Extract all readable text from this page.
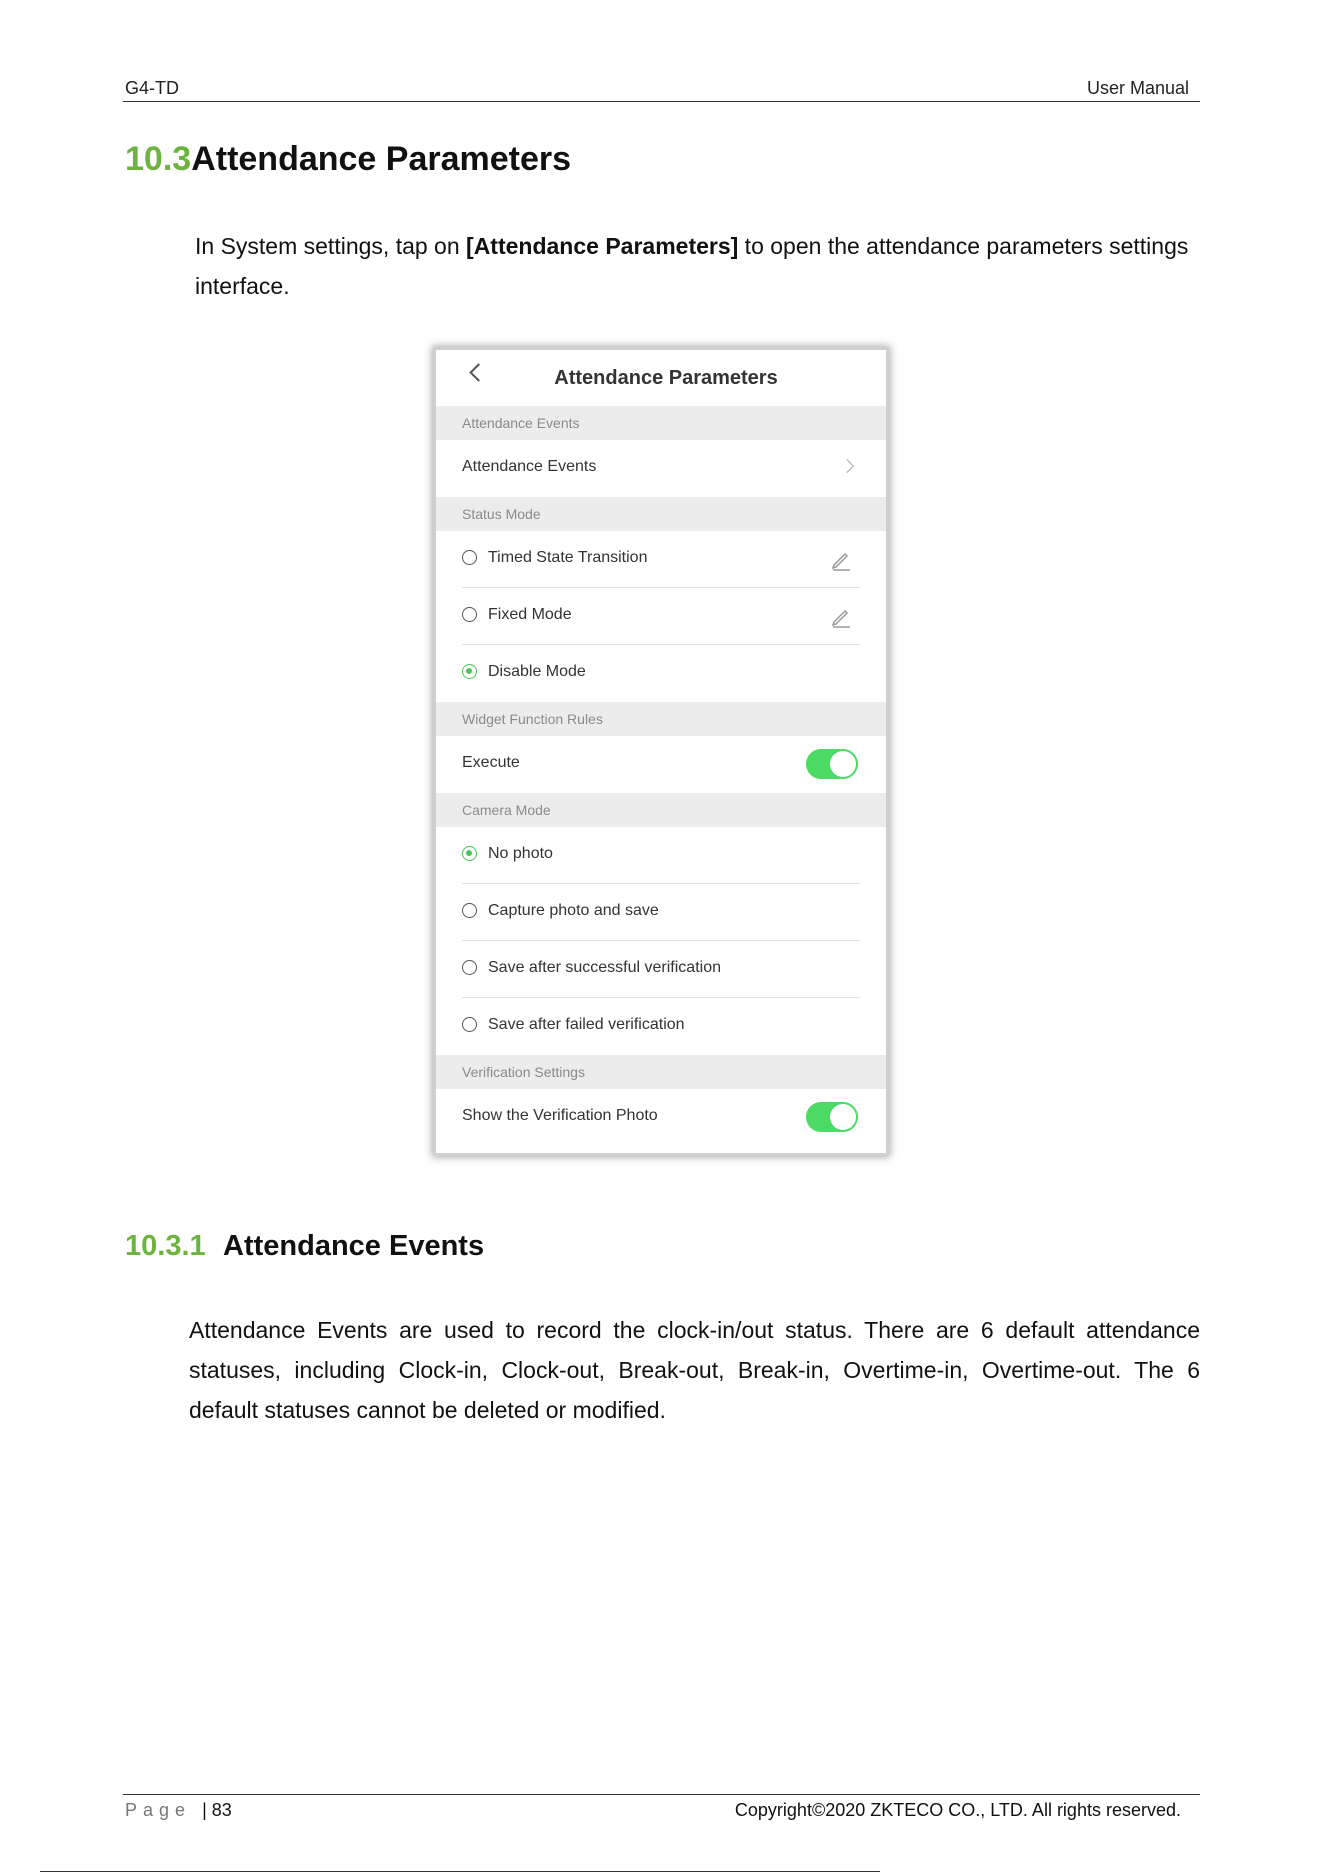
G4-TD	User Manual
10.3Attendance Parameters

In System settings, tap on [Attendance Parameters] to open the attendance parameters settings interface.

Attendance Parameters
Attendance Events
Attendance Events
Status Mode
Timed State Transition
Fixed Mode
Disable Mode
Widget Function Rules
Execute
Camera Mode
No photo
Capture photo and save
Save after successful verification
Save after failed verification
Verification Settings
Show the Verification Photo
10.3.1 Attendance Events

Attendance Events are used to record the clock-in/out status. There are 6 default attendance statuses, including Clock-in, Clock-out, Break-out, Break-in, Overtime-in, Overtime-out. The 6 default statuses cannot be deleted or modified.

Page | 83	Copyright©2020 ZKTECO CO., LTD. All rights reserved.
